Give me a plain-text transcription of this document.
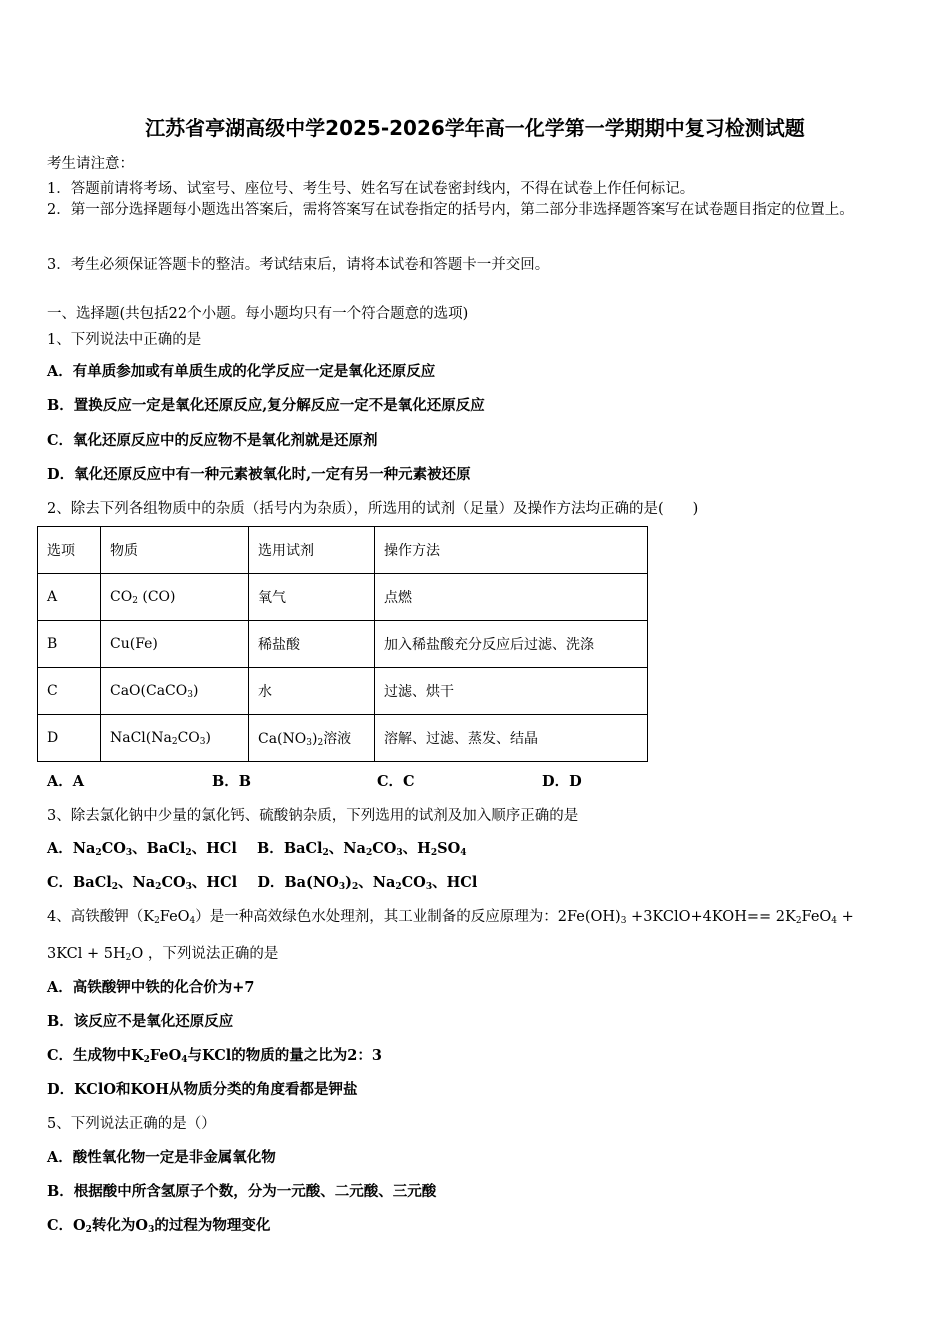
江苏省亭湖高级中学2025-2026学年高一化学第一学期期中复习检测试题
考生请注意：
1．答题前请将考场、试室号、座位号、考生号、姓名写在试卷密封线内，不得在试卷上作任何标记。
2．第一部分选择题每小题选出答案后，需将答案写在试卷指定的括号内，第二部分非选择题答案写在试卷题目指定的位置上。
3．考生必须保证答题卡的整洁。考试结束后，请将本试卷和答题卡一并交回。
一、选择题(共包括22个小题。每小题均只有一个符合题意的选项)
1、下列说法中正确的是
A．有单质参加或有单质生成的化学反应一定是氧化还原反应
B．置换反应一定是氧化还原反应,复分解反应一定不是氧化还原反应
C．氧化还原反应中的反应物不是氧化剂就是还原剂
D．氧化还原反应中有一种元素被氧化时,一定有另一种元素被还原
2、除去下列各组物质中的杂质（括号内为杂质），所选用的试剂（足量）及操作方法均正确的是(　　)
选项	物质	选用试剂	操作方法
A	$CO_2$ (CO)	氧气	点燃
B	Cu(Fe)	稀盐酸	加入稀盐酸充分反应后过滤、洗涤
C	CaO(CaCO$_3$)	水	过滤、烘干
D	$NaCl(Na_2CO_3)$	$Ca(NO_3)_2$溶液	溶解、过滤、蒸发、结晶
A．A	B．B	C．C	D．D
3、除去氯化钠中少量的氯化钙、硫酸钠杂质，下列选用的试剂及加入顺序正确的是
A．$Na_2CO_3$、BaCl$_2$、HCl B．BaCl$_2$、$Na_2CO_3$、$H_2SO_4$
C．BaCl$_2$、$Na_2CO_3$、HCl D．$Ba(NO_3)_2$、$Na_2CO_3$、HCl
4、高铁酸钾$(K_2FeO_4)$是一种高效绿色水处理剂，其工业制备的反应原理为：$2Fe(OH)_3$ +3KClO+4KOH== $2K_2FeO_4$ +
$3KCl + 5H_2O$ ，下列说法正确的是
A．高铁酸钾中铁的化合价为+7
B．该反应不是氧化还原反应
C．生成物中$K_2FeO_4$与KCl的物质的量之比为2：3
D．KClO和KOH从物质分类的角度看都是钾盐
5、下列说法正确的是（）
A．酸性氧化物一定是非金属氧化物
B．根据酸中所含氢原子个数，分为一元酸、二元酸、三元酸
C．$O_2$转化为$O_3$的过程为物理变化
